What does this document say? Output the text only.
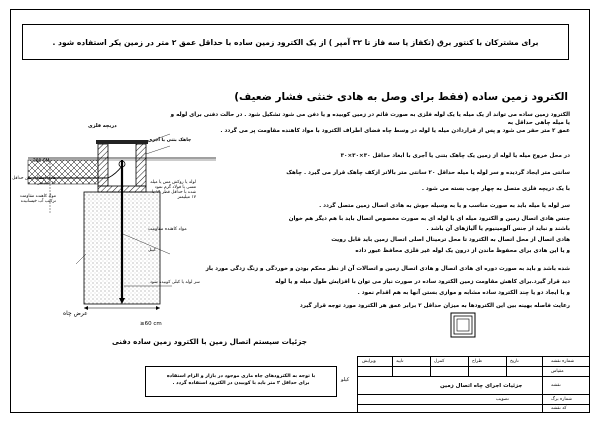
برای مشترکان با کنتور برق (تکفاز یا سه فاز تا ۳۲ آمپر ) از یک الکترود زمین ساده با حداقل عمق ۲ متر در زمین یکر استفاده شود .
الکترود زمین ساده (فقط برای وصل به هادی خنثی فشار ضعیف)
الکترود زمین ساده می تواند از یک میله یا یک لوله فلزی به صورت قائم در زمین کوبیده و یا دفن می شود تشکیل شود . در حالت دفنی برای لوله و یا میله چاهی حداقل به
عمق ۲ متر حفر می شود و پس از قراردادن میله یا لوله در وسط چاه فضای اطراف الکترود با مواد کاهنده مقاومت پر می گردد .
در محل خروج میله یا لوله از زمین یک چاهک بتنی یا آجری با ابعاد حداقل ۳۰×۳۰×۳۰
سانتی متر ایجاد گردیده و سر لوله یا میله حداقل ۲۰ سانتی متر بالاتر ازکف چاهک قرار می گیرد . چاهک
با یک دریچه فلزی متصل به چهار چوب بسته می شود .
سر لوله یا میله باید به صورت مناسب و یا به وسیله جوش به هادی اتصال زمین متصل گردد .
جنس هادی اتصال زمین و الکترود میله ای یا لوله ای به صورت مخصوص اتصال باید با هم دیگر هم خوان
باشند و نباید از جنس آلومینیوم یا آلیاژهای آن باشد .
هادی اتصال از محل اتصال به الکترود تا محل ترمینال اصلی اتصال زمین باید قابل رویت
و یا این هادی برای محفوظ ماندن از درون یک لوله غیر فلزی محافظ عبور داده
شده باشد و باید به صورت دوره ای هادی اتصال و هادی اتصال زمین و اتصالات آن از نظر محکم بودن و خوردگی و زنگ زدگی مورد باز
دید قرار گیرد.برای کاهش مقاومت زمین الکترود ساده در صورت نیاز می توان با افزایش طول میله و یا لوله
و یا ایجاد دو یا چند الکترود ساده مشابه و موازی بستن آنها به هم اقدام نمود .
رعایت فاصله بهینه بین این الکترودها به میزان حداقل ۲ برابر عمق هر الکترود مورد توجه قرار گیرد
دریچه فلزی
چاهک بتنی یا آجری
300 CM
لوله یا روکش مس یا میله مسی یا فولاد گرم نمود شده با حداقل قطر ۱۹ یا ۱۷ میلیمتر
هادی اتصال زمین حداقل ۱۶ میلیمتر
مواد کاهنده مقاومت ترکیب آب خیسانیده
مواد کاهنده مقاومت
کیبل
سر لوله یا کبلی کوبیده شود
عرض چاه
≥60 cm
جزئیات سیستم اتصال زمین با الکترود زمین ساده دفنی
با توجه به الکترودهای چاه ماری موجود در بازار و الزام استفاده
برای حداقل ۲ متر باید با کوبیدن در الکترود استفاده گردد .
کیلو
شماره نقشه
مقیاس
تاریخ
طراح
کنترل
تایید
ویرایش
جزئیات اجرای چاه اتصال زمین	نقشه
شماره برگ
کد نقشه
تصویب
